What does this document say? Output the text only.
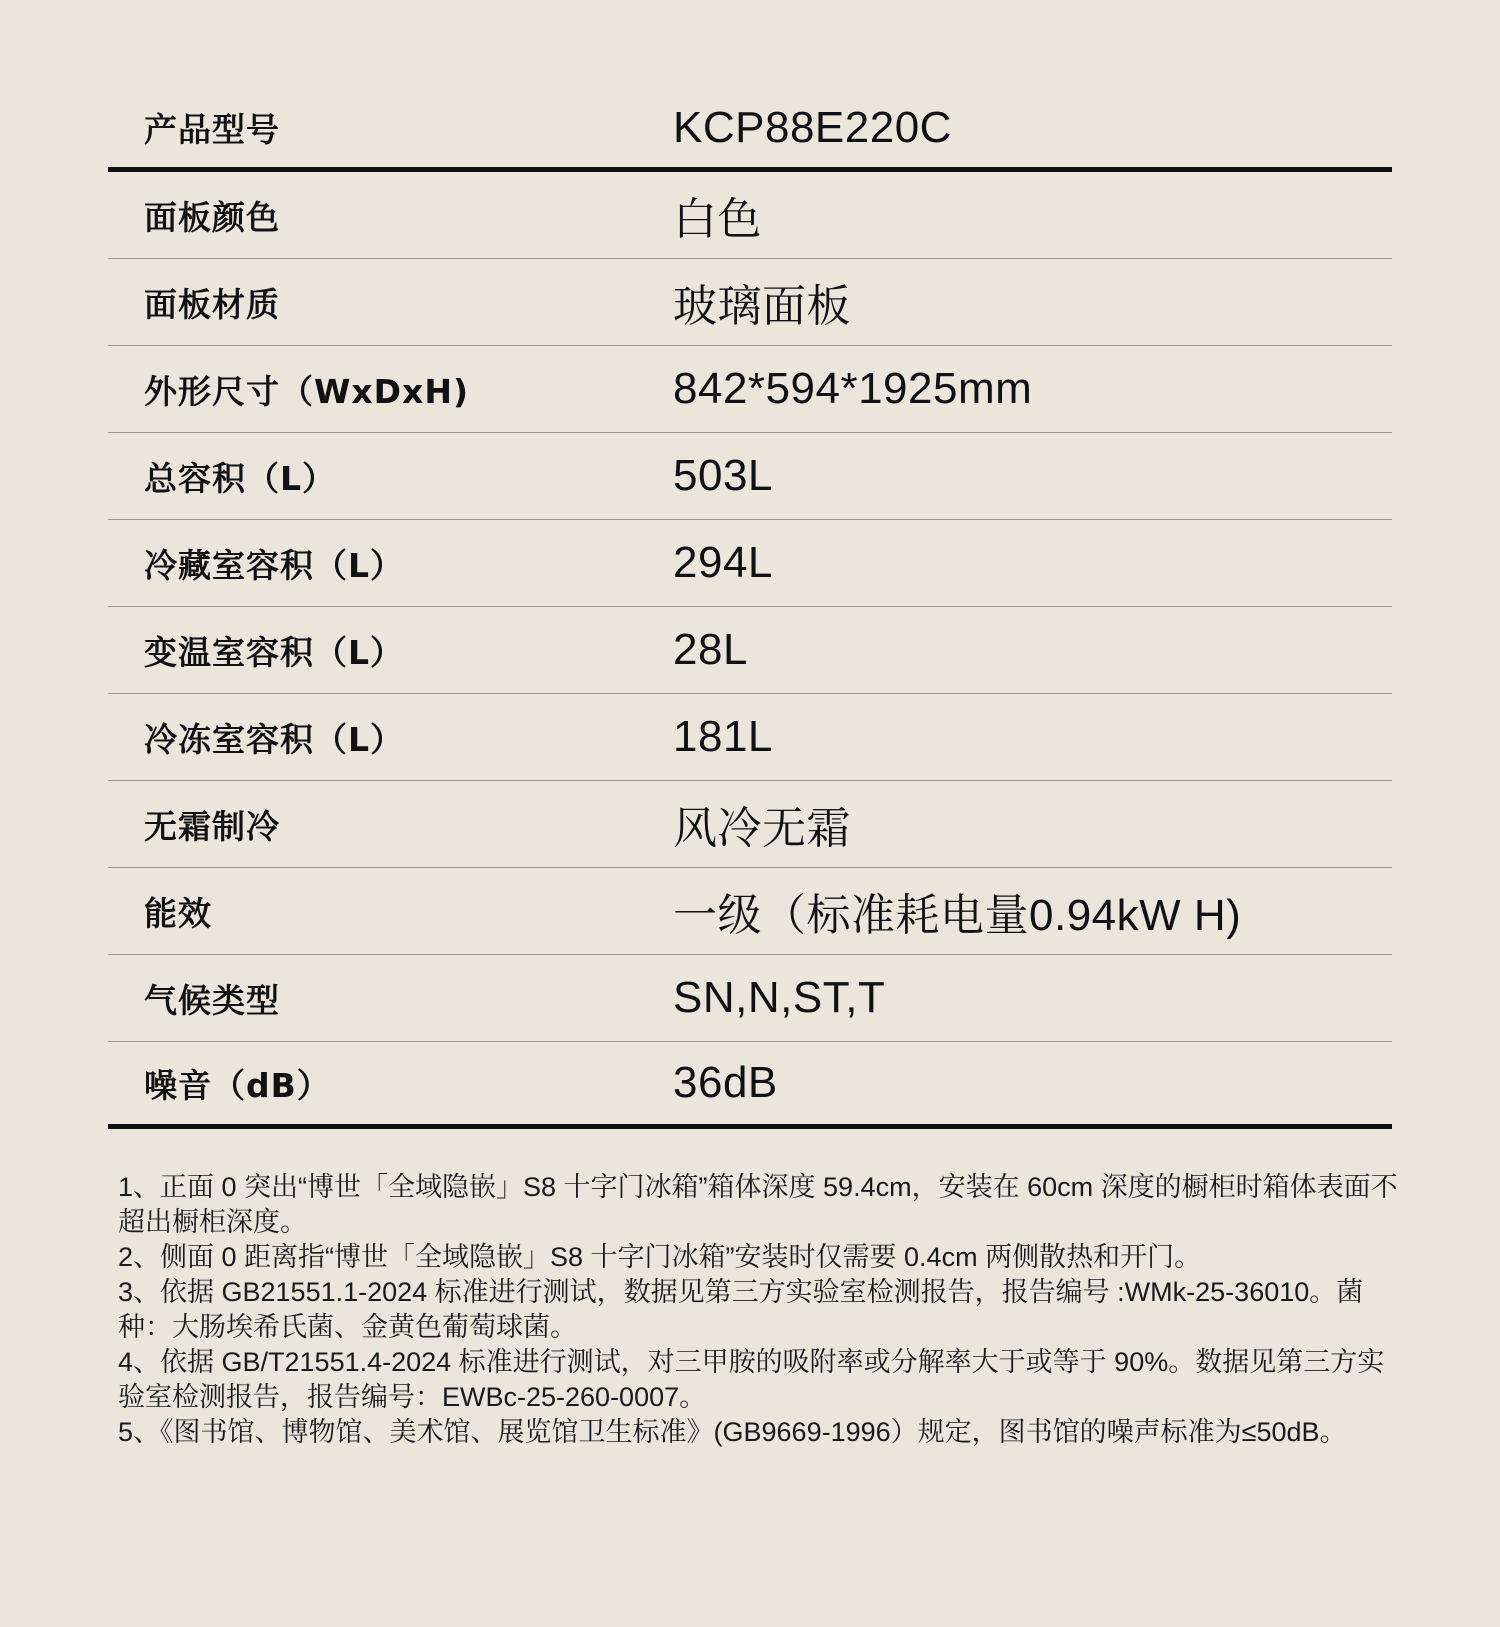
产品型号	KCP88E220C
面板颜色	白色
面板材质	玻璃面板
外形尺寸（WxDxH)	842*594*1925mm
总容积（L）	503L
冷藏室容积（L）	294L
变温室容积（L）	28L
冷冻室容积（L）	181L
无霜制冷	风冷无霜
能效	一级（标准耗电量0.94kW H)
气候类型	SN,N,ST,T
噪音（dB）	36dB

1、正面 0 突出“博世「全域隐嵌」S8 十字门冰箱”箱体深度 59.4cm，安装在 60cm 深度的橱柜时箱体表面不超出橱柜深度。

2、侧面 0 距离指“博世「全域隐嵌」S8 十字门冰箱”安装时仅需要 0.4cm 两侧散热和开门。

3、依据 GB21551.1-2024 标准进行测试，数据见第三方实验室检测报告，报告编号 :WMk-25-36010。菌种：大肠埃希氏菌、金黄色葡萄球菌。

4、依据 GB/T21551.4-2024 标准进行测试，对三甲胺的吸附率或分解率大于或等于 90%。数据见第三方实验室检测报告，报告编号：EWBc-25-260-0007。

5、《图书馆、博物馆、美术馆、展览馆卫生标准》(GB9669-1996）规定，图书馆的噪声标准为≤50dB。
